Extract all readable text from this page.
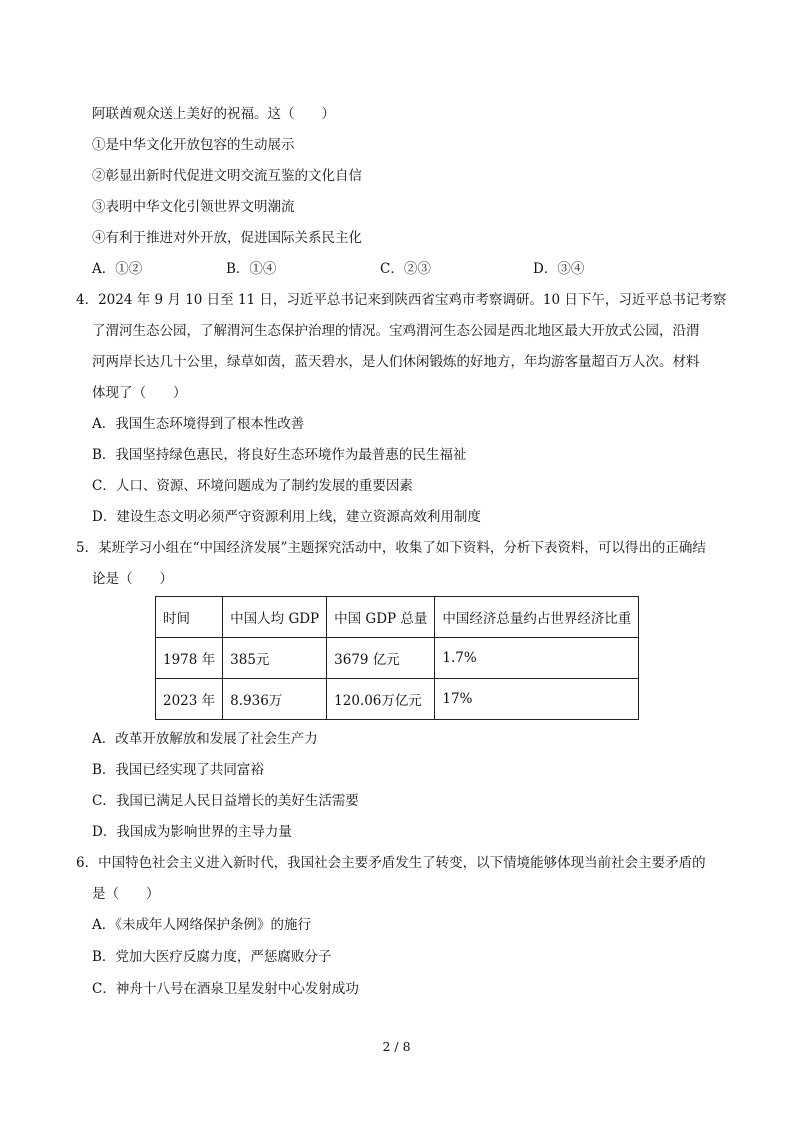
阿联酋观众送上美好的祝福。这（　　）
①是中华文化开放包容的生动展示
②彰显出新时代促进文明交流互鉴的文化自信
③表明中华文化引领世界文明潮流
④有利于推进对外开放，促进国际关系民主化
A．①②	B．①④	C．②③	D．③④
4．2024 年 9 月 10 日至 11 日，习近平总书记来到陕西省宝鸡市考察调研。10 日下午，习近平总书记考察
了渭河生态公园，了解渭河生态保护治理的情况。宝鸡渭河生态公园是西北地区最大开放式公园，沿渭
河两岸长达几十公里，绿草如茵，蓝天碧水，是人们休闲锻炼的好地方，年均游客量超百万人次。材料
体现了（　　）
A．我国生态环境得到了根本性改善
B．我国坚持绿色惠民，将良好生态环境作为最普惠的民生福祉
C．人口、资源、环境问题成为了制约发展的重要因素
D．建设生态文明必须严守资源利用上线，建立资源高效利用制度
5．某班学习小组在“中国经济发展”主题探究活动中，收集了如下资料，分析下表资料，可以得出的正确结
论是（　　）
时间	中国人均 GDP	中国 GDP 总量	中国经济总量约占世界经济比重
1978 年	385元	3679 亿元	1.7%
2023 年	8.936万	120.06万亿元	17%
A．改革开放解放和发展了社会生产力
B．我国已经实现了共同富裕
C．我国已满足人民日益增长的美好生活需要
D．我国成为影响世界的主导力量
6．中国特色社会主义进入新时代，我国社会主要矛盾发生了转变，以下情境能够体现当前社会主要矛盾的
是（　　）
A．《未成年人网络保护条例》的施行
B．党加大医疗反腐力度，严惩腐败分子
C．神舟十八号在酒泉卫星发射中心发射成功
2 / 8
